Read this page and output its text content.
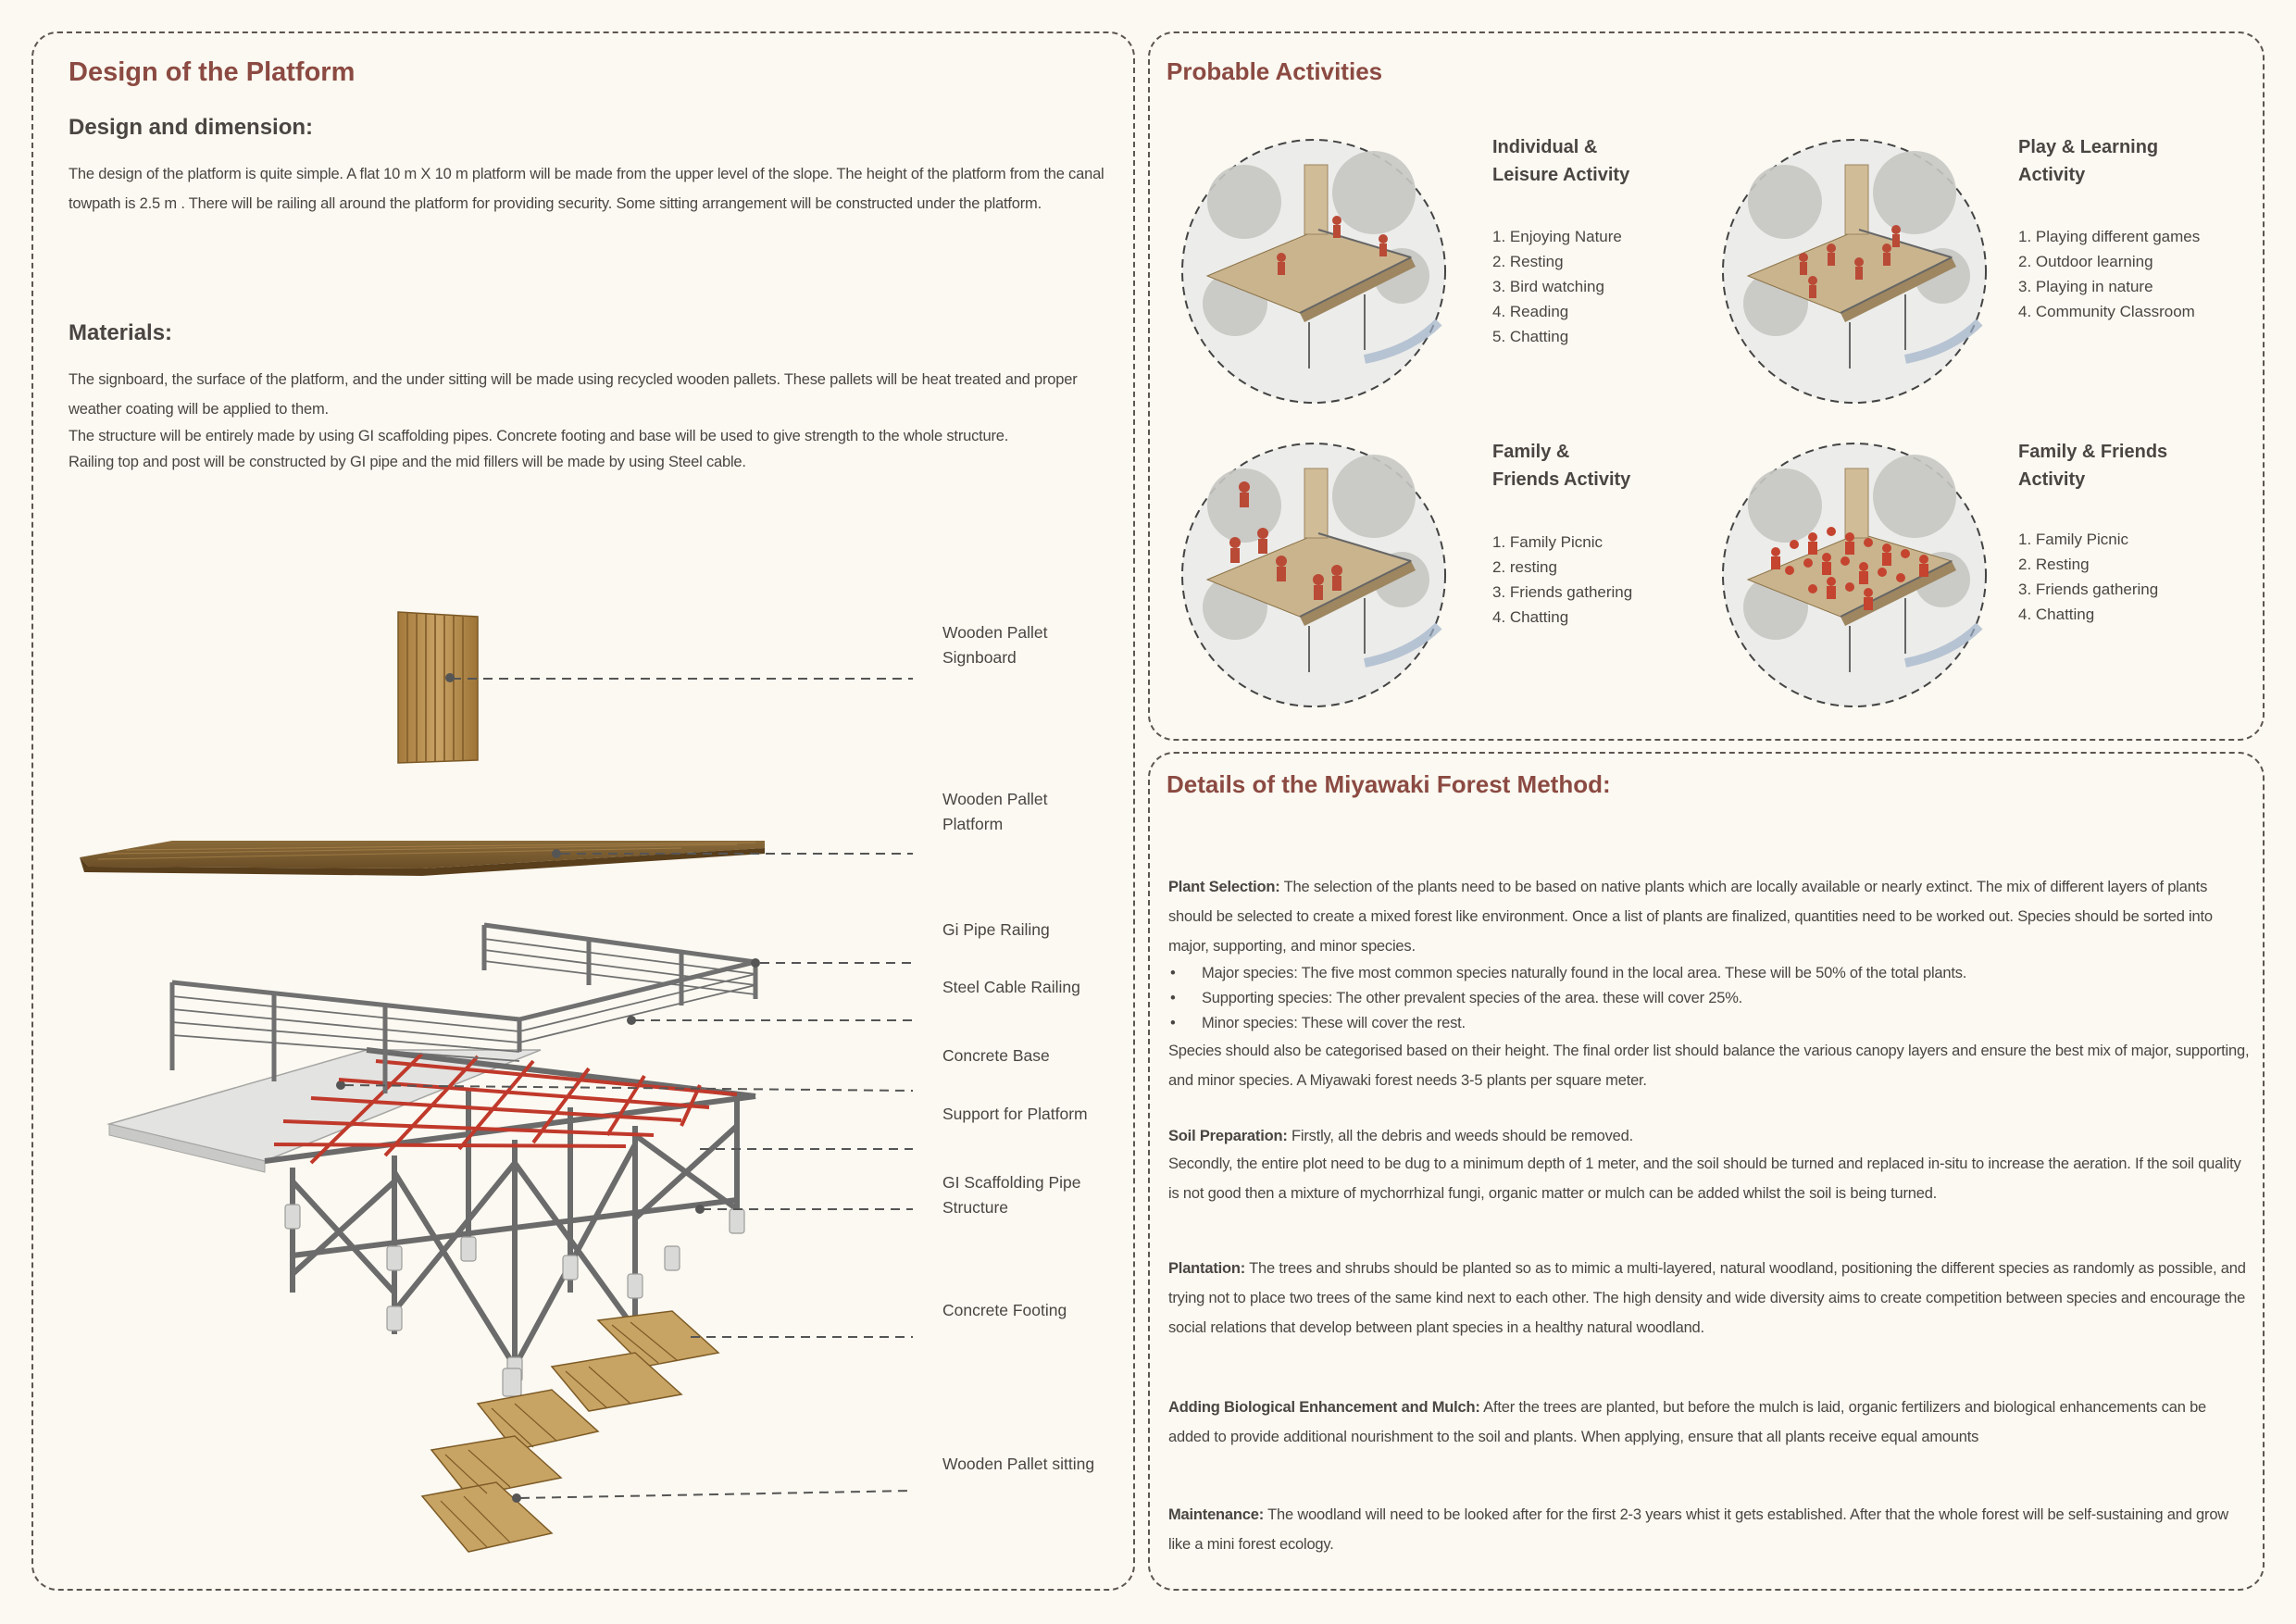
Design of the Platform
Design and dimension:

The design of the platform is quite simple. A flat 10 m X 10 m platform will be made from the upper level of the slope. The height of the platform from the canal towpath is 2.5 m . There will be railing all around the platform for providing security. Some sitting arrangement will be constructed under the platform.

Materials:
The signboard, the surface of the platform, and the under sitting will be made using recycled wooden pallets. These pallets will be heat treated and proper weather coating will be applied to them.
The structure will be entirely made by using GI scaffolding pipes. Concrete footing and base will be used to give strength to the whole structure.
Railing top and post will be constructed by GI pipe and the mid fillers will be made by using Steel cable.
Wooden Pallet
Signboard
Wooden Pallet
Platform
Gi Pipe Railing
Steel Cable Railing
Concrete Base
Support for Platform
GI Scaffolding Pipe
Structure
Concrete Footing
Wooden Pallet sitting
Probable Activities
Individual &
Leisure Activity
1. Enjoying Nature
2. Resting
3. Bird watching
4. Reading
5. Chatting
Play & Learning
Activity
1. Playing different games
2. Outdoor learning
3. Playing in nature
4. Community Classroom
Family &
Friends Activity
1. Family Picnic
2. resting
3. Friends gathering
4. Chatting
Family & Friends
Activity
1. Family Picnic
2. Resting
3. Friends gathering
4. Chatting
Details of the Miyawaki Forest Method:
Plant Selection: The selection of the plants need to be based on native plants which are locally available or nearly extinct. The mix of different layers of plants should be selected to create a mixed forest like environment. Once a list of plants are finalized, quantities need to be worked out. Species should be sorted into major, supporting, and minor species.
• Major species: The five most common species naturally found in the local area. These will be 50% of the total plants.
• Supporting species: The other prevalent species of the area. these will cover 25%.
• Minor species: These will cover the rest.
Species should also be categorised based on their height. The final order list should balance the various canopy layers and ensure the best mix of major, supporting, and minor species. A Miyawaki forest needs 3-5 plants per square meter.
Soil Preparation: Firstly, all the debris and weeds should be removed.
Secondly, the entire plot need to be dug to a minimum depth of 1 meter, and the soil should be turned and replaced in-situ to increase the aeration. If the soil quality is not good then a mixture of mychorrhizal fungi, organic matter or mulch can be added whilst the soil is being turned.
Plantation: The trees and shrubs should be planted so as to mimic a multi-layered, natural woodland, positioning the different species as randomly as possible, and trying not to place two trees of the same kind next to each other. The high density and wide diversity aims to create competition between species and encourage the social relations that develop between plant species in a healthy natural woodland.
Adding Biological Enhancement and Mulch: After the trees are planted, but before the mulch is laid, organic fertilizers and biological enhancements can be added to provide additional nourishment to the soil and plants. When applying, ensure that all plants receive equal amounts
Maintenance: The woodland will need to be looked after for the first 2-3 years whist it gets established. After that the whole forest will be self-sustaining and grow like a mini forest ecology.
